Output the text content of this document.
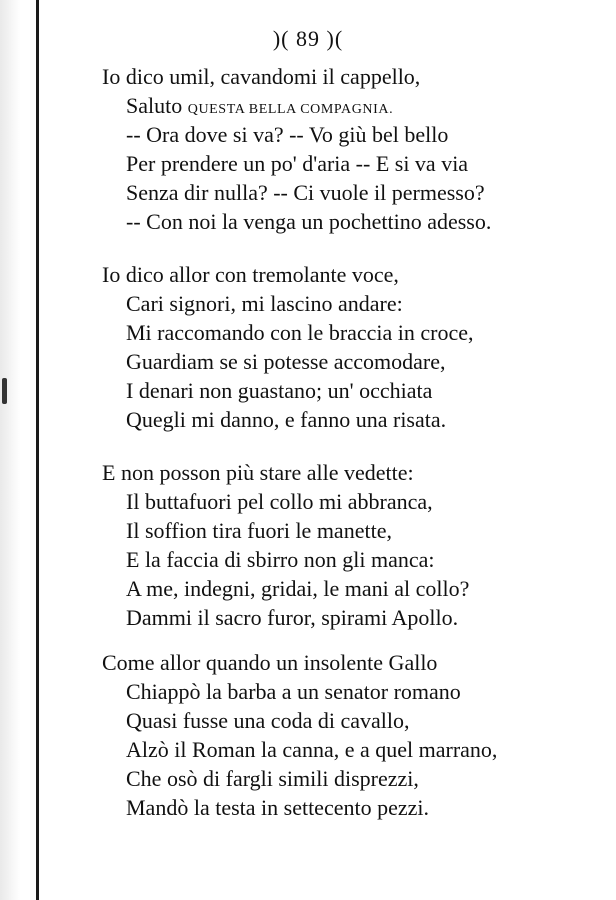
)( 89 )(
Io dico umil, cavandomi il cappello,
Saluto QUESTA BELLA COMPAGNIA.
-- Ora dove si va? -- Vo giù bel bello
Per prendere un po' d'aria -- E si va via
Senza dir nulla? -- Ci vuole il permesso?
-- Con noi la venga un pochettino adesso.
Io dico allor con tremolante voce,
Cari signori, mi lascino andare:
Mi raccomando con le braccia in croce,
Guardiam se si potesse accomodare,
I denari non guastano; un' occhiata
Quegli mi danno, e fanno una risata.
E non posson più stare alle vedette:
Il buttafuori pel collo mi abbranca,
Il soffion tira fuori le manette,
E la faccia di sbirro non gli manca:
A me, indegni, gridai, le mani al collo?
Dammi il sacro furor, spirami Apollo.
Come allor quando un insolente Gallo
Chiappò la barba a un senator romano
Quasi fusse una coda di cavallo,
Alzò il Roman la canna, e a quel marrano,
Che osò di fargli simili disprezzi,
Mandò la testa in settecento pezzi.
